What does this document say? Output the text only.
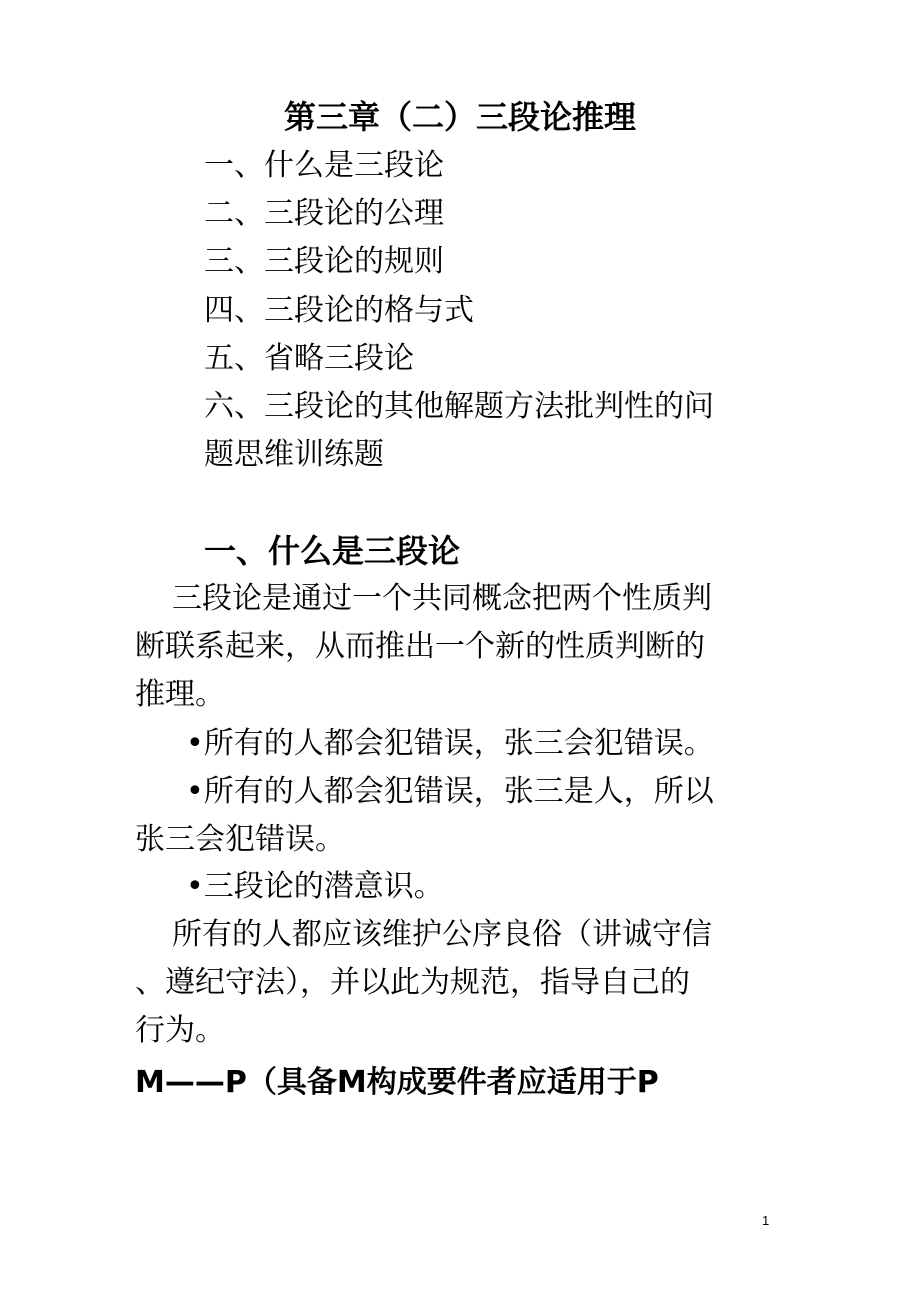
第三章（二）三段论推理
一、什么是三段论
二、三段论的公理
三、三段论的规则
四、三段论的格与式
五、省略三段论
六、三段论的其他解题方法批判性的问
题思维训练题
一、什么是三段论
三段论是通过一个共同概念把两个性质判
断联系起来，从而推出一个新的性质判断的
推理。
•所有的人都会犯错误，张三会犯错误。
•所有的人都会犯错误，张三是人，所以
张三会犯错误。
•三段论的潜意识。
所有的人都应该维护公序良俗（讲诚守信
、遵纪守法），并以此为规范，指导自己的
行为。
M——P（具备M构成要件者应适用于P
1
